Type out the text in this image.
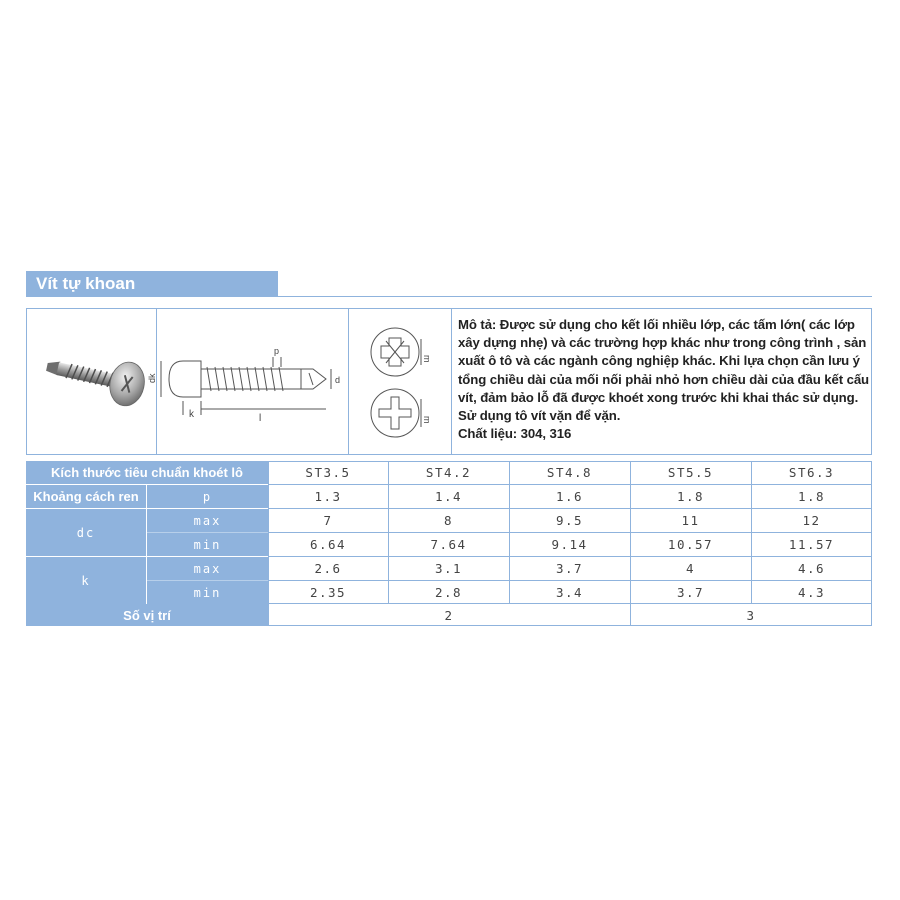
Vít tự khoan
dk
k	l
p
d
m
m

Mô tả: Được sử dụng cho kết lối nhiều lớp, các tấm lớn( các lớp xây dựng nhẹ) và các trường hợp khác như trong công trình , sản xuất ô tô và các ngành công nghiệp khác. Khi lựa chọn cần lưu ý tổng chiều dài của mối nối phải nhỏ hơn chiều dài của đầu kết cấu vít, đảm bảo lỗ đã được khoét xong trước khi khai thác sử dụng. Sử dụng tô vít vặn để vặn.

Chất liệu: 304, 316

Kích thước tiêu chuẩn khoét lô	ST3.5	ST4.2	ST4.8	ST5.5	ST6.3
Khoảng cách ren	p	1.3	1.4	1.6	1.8	1.8
dc
max	7	8	9.5	11	12
min	6.64	7.64	9.14	10.57	11.57
k
max	2.6	3.1	3.7	4	4.6
min	2.35	2.8	3.4	3.7	4.3
Số vị trí	2	3
